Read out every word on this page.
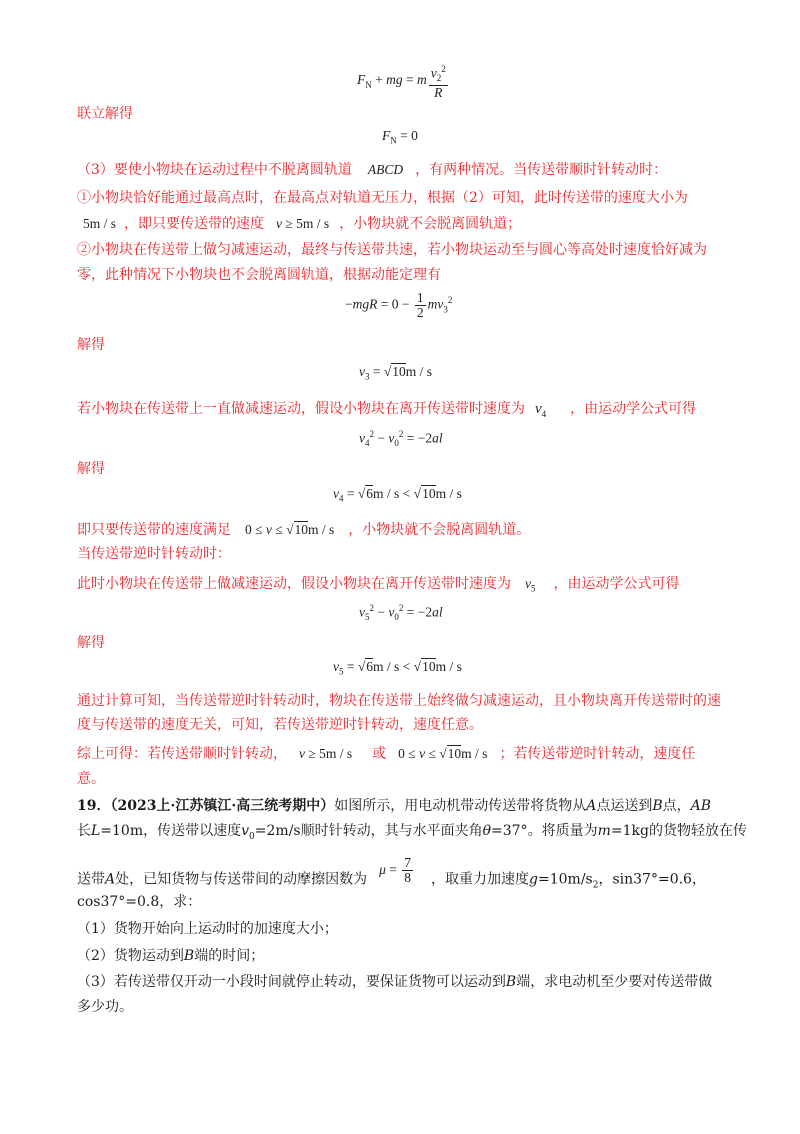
$F_N$ + mg = m $\frac{v_2^2}{R}$
联立解得
$F_N = 0$
（3）要使小物块在运动过程中不脱离圆轨道 ABCD ，有两种情况。当传送带顺时针转动时：
①小物块恰好能通过最高点时，在最高点对轨道无压力，根据（2）可知，此时传送带的速度大小为
5m / s ，即只要传送带的速度 v ≥ 5m / s ，小物块就不会脱离圆轨道；
②小物块在传送带上做匀减速运动，最终与传送带共速，若小物块运动至与圆心等高处时速度恰好减为
零，此种情况下小物块也不会脱离圆轨道，根据动能定理有
$-mgR = 0 - \frac{1}{2} mv_3^2$
解得
$v_3 = √10m / s$
若小物块在传送带上一直做减速运动，假设小物块在离开传送带时速度为 $v_4$ ，由运动学公式可得
$v_4^2 - v_0^2 = -2al$
解得
$v_4 = √6m / s < √10m / s$
即只要传送带的速度满足 0 ≤ v ≤ √10m / s ，小物块就不会脱离圆轨道。
当传送带逆时针转动时：
此时小物块在传送带上做减速运动，假设小物块在离开传送带时速度为 $v_5$ ，由运动学公式可得
$v_5^2 - v_0^2 = -2al$
解得
$v_5 = √6m / s < √10m / s$
通过计算可知，当传送带逆时针转动时，物块在传送带上始终做匀减速运动，且小物块离开传送带时的速
度与传送带的速度无关，可知，若传送带逆时针转动，速度任意。
综上可得：若传送带顺时针转动， v ≥ 5m / s 或 0 ≤ v ≤ √10m / s ；若传送带逆时针转动，速度任
意。
19．（2023上·江苏镇江·高三统考期中）如图所示，用电动机带动传送带将货物从A点运送到B点，AB
长L=10m，传送带以速度$v_0=2m/s$顺时针转动，其与水平面夹角θ=37°。将质量为m=1kg的货物轻放在传
送带A处，已知货物与传送带间的动摩擦因数为$\mu = \frac{7}{8}$ ，取重力加速度$g=10m/s_2$，sin37°=0.6，
cos37°=0.8，求：
（1）货物开始向上运动时的加速度大小；
（2）货物运动到B端的时间；
（3）若传送带仅开动一小段时间就停止转动，要保证货物可以运动到B端，求电动机至少要对传送带做
多少功。
